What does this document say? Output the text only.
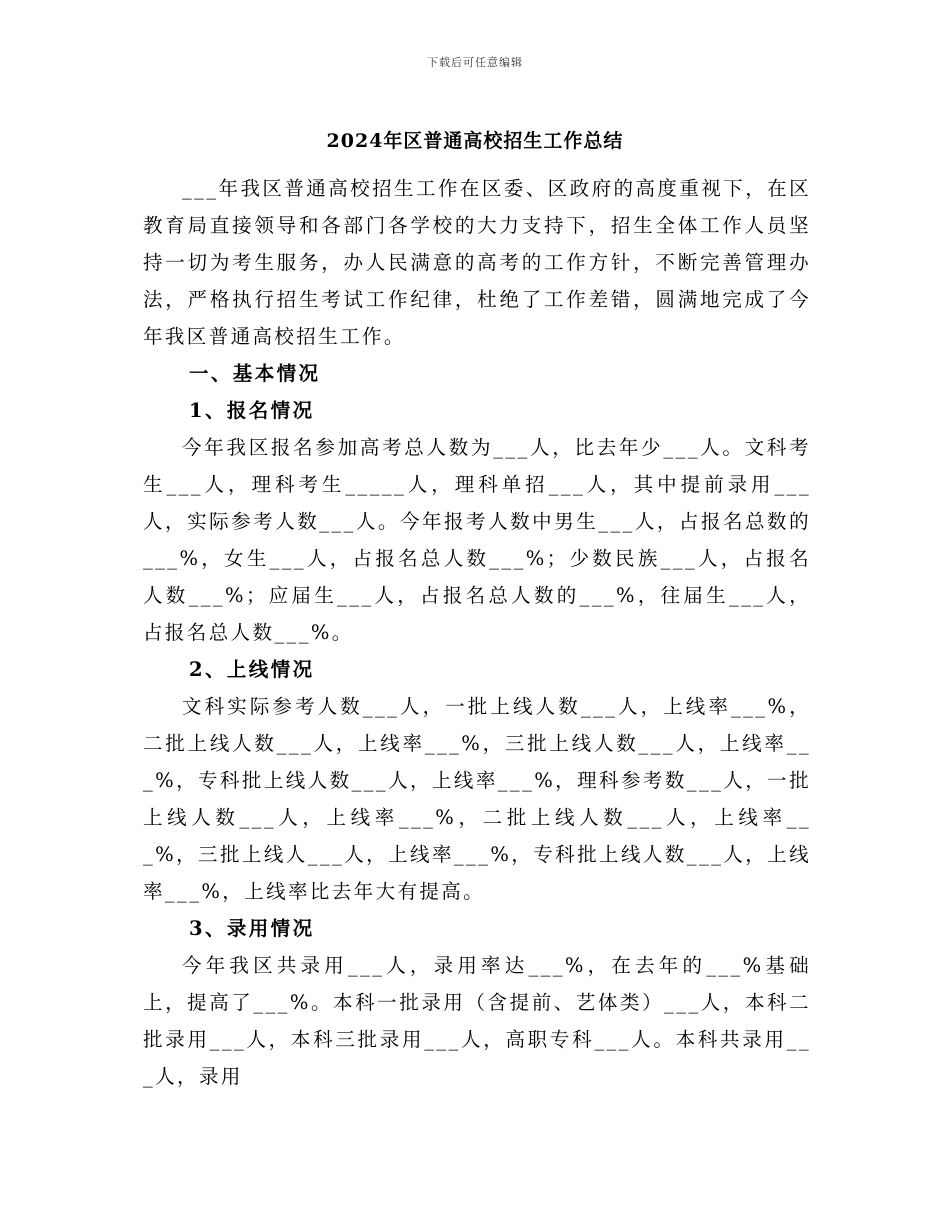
下载后可任意编辑
2024年区普通高校招生工作总结

___年我区普通高校招生工作在区委、区政府的高度重视下，在区教育局直接领导和各部门各学校的大力支持下，招生全体工作人员坚持一切为考生服务，办人民满意的高考的工作方针，不断完善管理办法，严格执行招生考试工作纪律，杜绝了工作差错，圆满地完成了今年我区普通高校招生工作。

一、基本情况
1、报名情况

今年我区报名参加高考总人数为___人，比去年少___人。文科考生___人，理科考生_____人，理科单招___人，其中提前录用___人，实际参考人数___人。今年报考人数中男生___人，占报名总数的___%，女生___人，占报名总人数___%；少数民族___人，占报名人数___%；应届生___人，占报名总人数的___%，往届生___人，占报名总人数___%。

2、上线情况

文科实际参考人数___人，一批上线人数___人，上线率___%，二批上线人数___人，上线率___%，三批上线人数___人，上线率___%，专科批上线人数___人，上线率___%，理科参考数___人，一批上线人数___人，上线率___%，二批上线人数___人，上线率___%，三批上线人___人，上线率___%，专科批上线人数___人，上线率___%，上线率比去年大有提高。

3、录用情况

今年我区共录用___人，录用率达___%，在去年的___%基础上，提高了___%。本科一批录用（含提前、艺体类）___人，本科二批录用___人，本科三批录用___人，高职专科___人。本科共录用___人，录用
